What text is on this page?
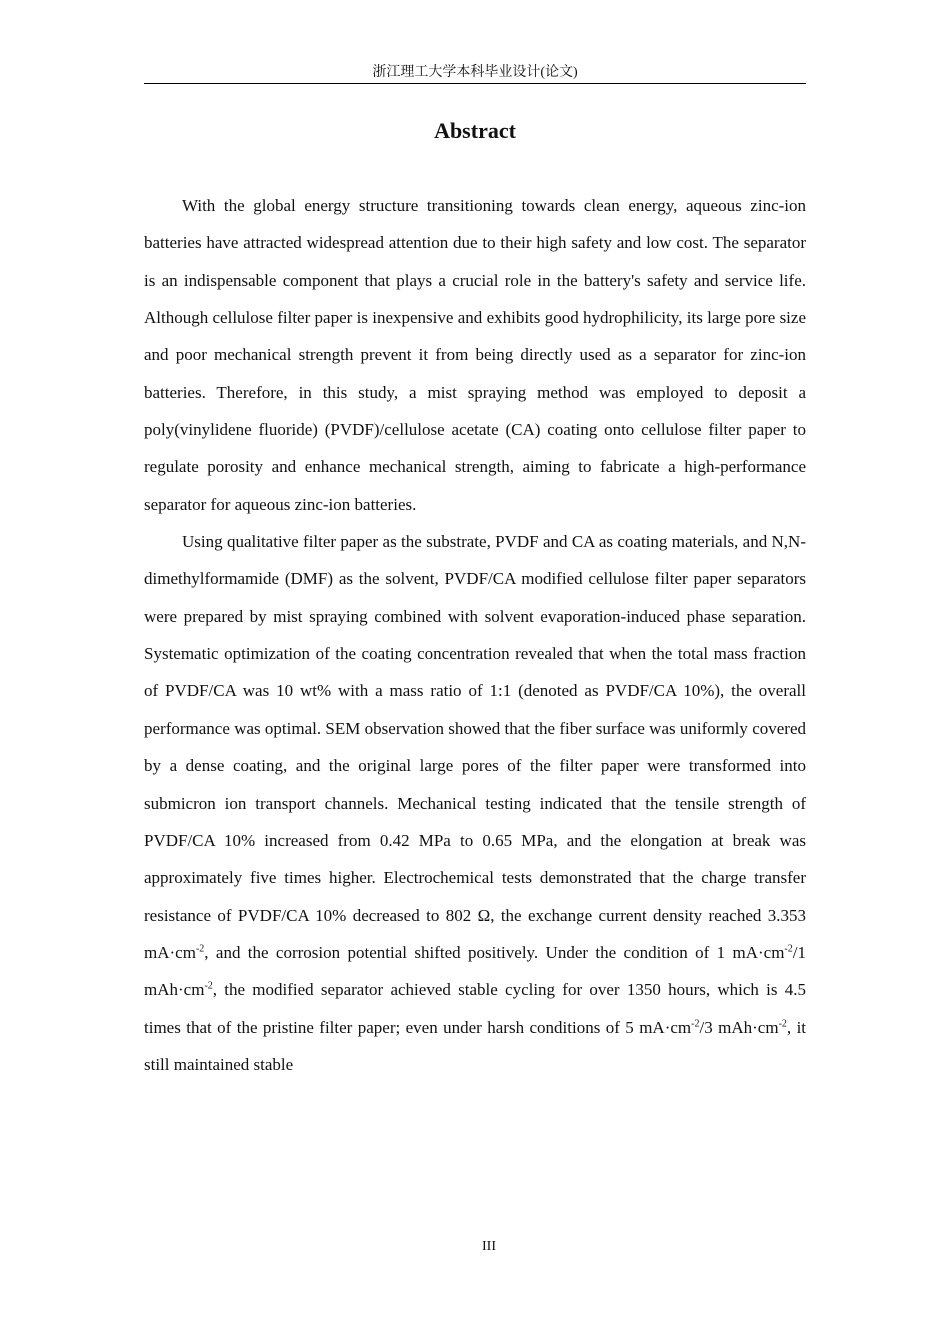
浙江理工大学本科毕业设计(论文)
Abstract

With the global energy structure transitioning towards clean energy, aqueous zinc-ion batteries have attracted widespread attention due to their high safety and low cost. The separator is an indispensable component that plays a crucial role in the battery's safety and service life. Although cellulose filter paper is inexpensive and exhibits good hydrophilicity, its large pore size and poor mechanical strength prevent it from being directly used as a separator for zinc-ion batteries. Therefore, in this study, a mist spraying method was employed to deposit a poly(vinylidene fluoride) (PVDF)/cellulose acetate (CA) coating onto cellulose filter paper to regulate porosity and enhance mechanical strength, aiming to fabricate a high-performance separator for aqueous zinc-ion batteries.

Using qualitative filter paper as the substrate, PVDF and CA as coating materials, and N,N-dimethylformamide (DMF) as the solvent, PVDF/CA modified cellulose filter paper separators were prepared by mist spraying combined with solvent evaporation-induced phase separation. Systematic optimization of the coating concentration revealed that when the total mass fraction of PVDF/CA was 10 wt% with a mass ratio of 1:1 (denoted as PVDF/CA 10%), the overall performance was optimal. SEM observation showed that the fiber surface was uniformly covered by a dense coating, and the original large pores of the filter paper were transformed into submicron ion transport channels. Mechanical testing indicated that the tensile strength of PVDF/CA 10% increased from 0.42 MPa to 0.65 MPa, and the elongation at break was approximately five times higher. Electrochemical tests demonstrated that the charge transfer resistance of PVDF/CA 10% decreased to 802 Ω, the exchange current density reached 3.353 $mA\cdot cm^{-2}$, and the corrosion potential shifted positively. Under the condition of 1 $mA\cdot cm^{-2}/1$ $mAh\cdot cm^{-2}$, the modified separator achieved stable cycling for over 1350 hours, which is 4.5 times that of the pristine filter paper; even under harsh conditions of 5 $mA\cdot cm^{-2}/3$ $mAh\cdot cm^{-2}$, it still maintained stable

III
